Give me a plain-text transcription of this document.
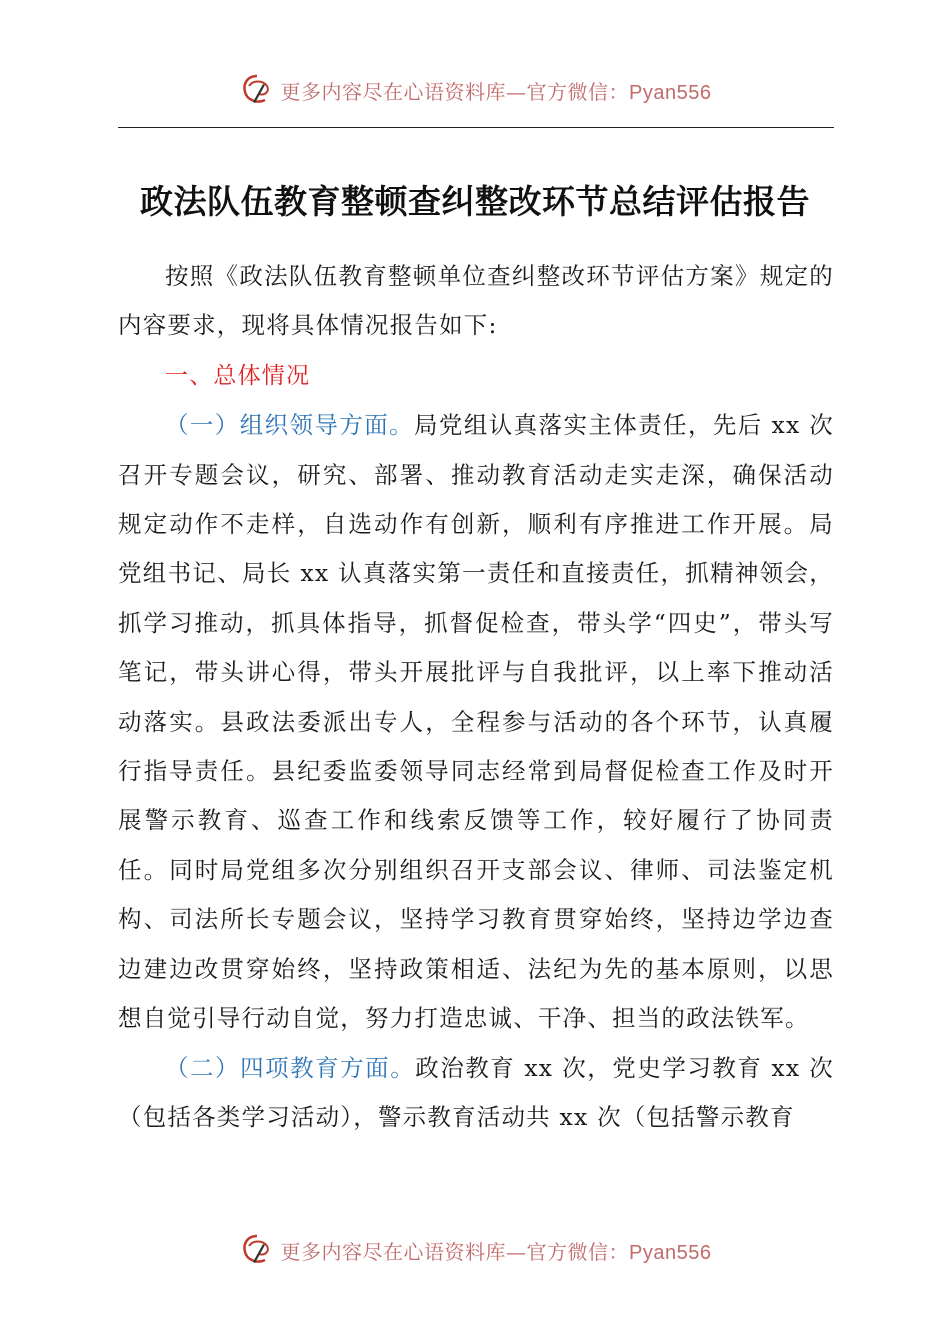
更多内容尽在心语资料库—官方微信：Pyan556
政法队伍教育整顿查纠整改环节总结评估报告

按照《政法队伍教育整顿单位查纠整改环节评估方案》规定的内容要求，现将具体情况报告如下:

一、总体情况

（一）组织领导方面。局党组认真落实主体责任，先后 xx 次召开专题会议，研究、部署、推动教育活动走实走深，确保活动规定动作不走样，自选动作有创新，顺利有序推进工作开展。局党组书记、局长 xx 认真落实第一责任和直接责任，抓精神领会，抓学习推动，抓具体指导，抓督促检查，带头学“四史”，带头写笔记，带头讲心得，带头开展批评与自我批评，以上率下推动活动落实。县政法委派出专人，全程参与活动的各个环节，认真履行指导责任。县纪委监委领导同志经常到局督促检查工作及时开展警示教育、巡查工作和线索反馈等工作，较好履行了协同责任。同时局党组多次分别组织召开支部会议、律师、司法鉴定机构、司法所长专题会议，坚持学习教育贯穿始终，坚持边学边查边建边改贯穿始终，坚持政策相适、法纪为先的基本原则，以思想自觉引导行动自觉，努力打造忠诚、干净、担当的政法铁军。

（二）四项教育方面。政治教育 xx 次，党史学习教育 xx 次（包括各类学习活动），警示教育活动共 xx 次（包括警示教育

更多内容尽在心语资料库—官方微信：Pyan556
